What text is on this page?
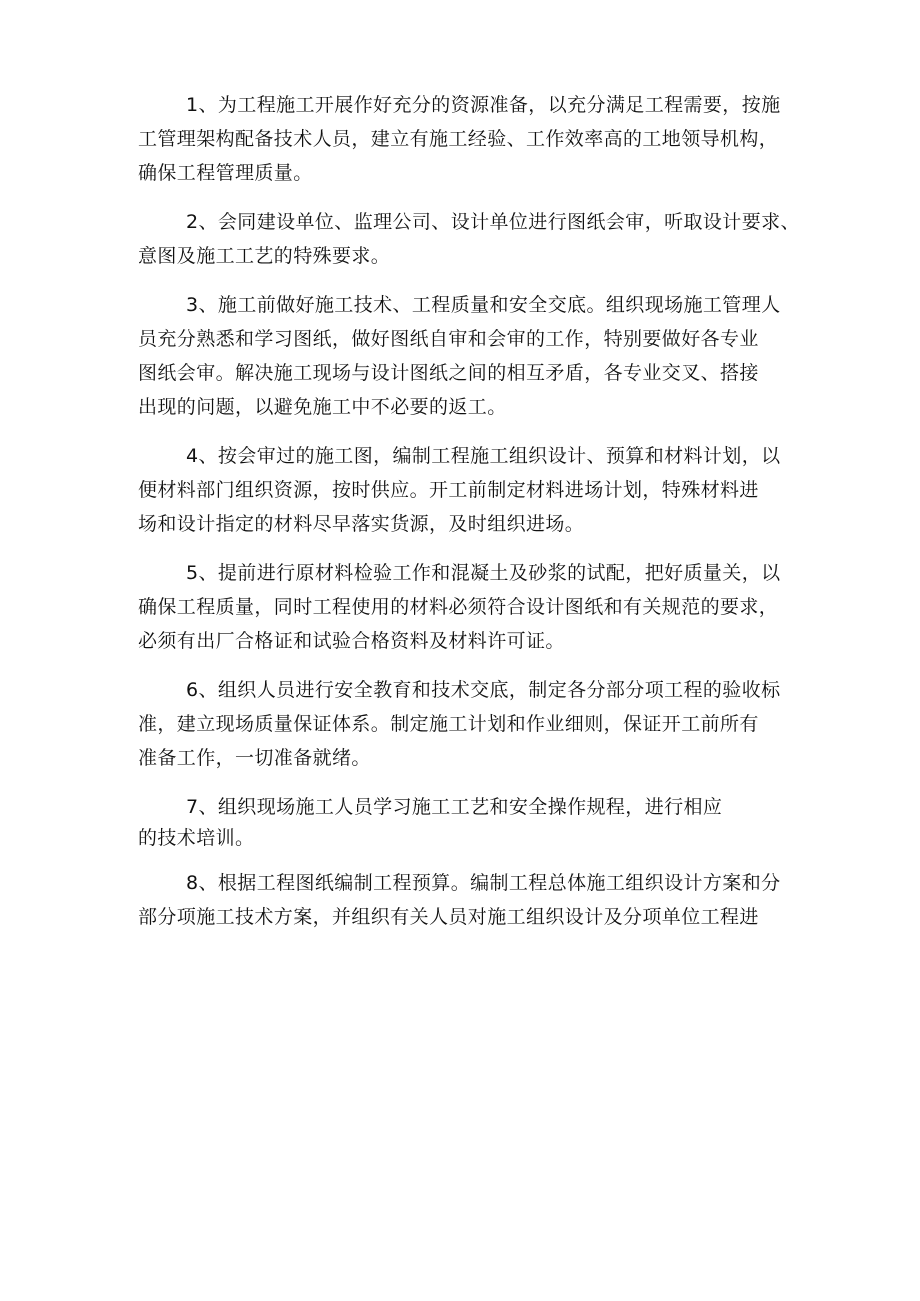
1、为工程施工开展作好充分的资源准备，以充分满足工程需要，按施
工管理架构配备技术人员，建立有施工经验、工作效率高的工地领导机构，
确保工程管理质量。

2、会同建设单位、监理公司、设计单位进行图纸会审，听取设计要求、
意图及施工工艺的特殊要求。

3、施工前做好施工技术、工程质量和安全交底。组织现场施工管理人
员充分熟悉和学习图纸，做好图纸自审和会审的工作，特别要做好各专业
图纸会审。解决施工现场与设计图纸之间的相互矛盾，各专业交叉、搭接
出现的问题，以避免施工中不必要的返工。

4、按会审过的施工图，编制工程施工组织设计、预算和材料计划，以
便材料部门组织资源，按时供应。开工前制定材料进场计划，特殊材料进
场和设计指定的材料尽早落实货源，及时组织进场。

5、提前进行原材料检验工作和混凝土及砂浆的试配，把好质量关，以
确保工程质量，同时工程使用的材料必须符合设计图纸和有关规范的要求，
必须有出厂合格证和试验合格资料及材料许可证。

6、组织人员进行安全教育和技术交底，制定各分部分项工程的验收标
准，建立现场质量保证体系。制定施工计划和作业细则，保证开工前所有
准备工作，一切准备就绪。

7、组织现场施工人员学习施工工艺和安全操作规程，进行相应
的技术培训。

8、根据工程图纸编制工程预算。编制工程总体施工组织设计方案和分
部分项施工技术方案，并组织有关人员对施工组织设计及分项单位工程进
